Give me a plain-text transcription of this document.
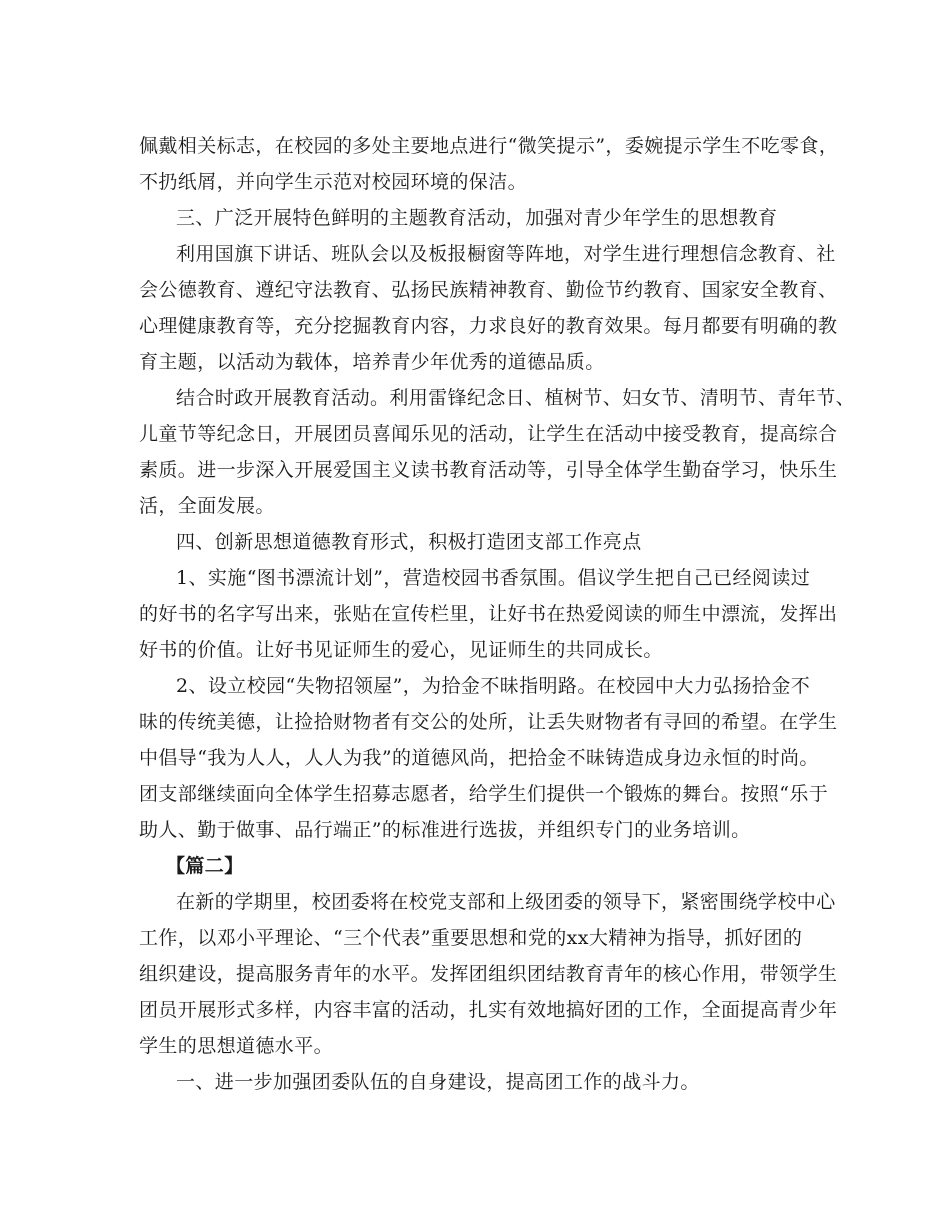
佩戴相关标志，在校园的多处主要地点进行“微笑提示”，委婉提示学生不吃零食，
不扔纸屑，并向学生示范对校园环境的保洁。
三、广泛开展特色鲜明的主题教育活动，加强对青少年学生的思想教育
利用国旗下讲话、班队会以及板报橱窗等阵地，对学生进行理想信念教育、社
会公德教育、遵纪守法教育、弘扬民族精神教育、勤俭节约教育、国家安全教育、
心理健康教育等，充分挖掘教育内容，力求良好的教育效果。每月都要有明确的教
育主题，以活动为载体，培养青少年优秀的道德品质。
结合时政开展教育活动。利用雷锋纪念日、植树节、妇女节、清明节、青年节、
儿童节等纪念日，开展团员喜闻乐见的活动，让学生在活动中接受教育，提高综合
素质。进一步深入开展爱国主义读书教育活动等，引导全体学生勤奋学习，快乐生
活，全面发展。
四、创新思想道德教育形式，积极打造团支部工作亮点
1、实施“图书漂流计划”，营造校园书香氛围。倡议学生把自己已经阅读过
的好书的名字写出来，张贴在宣传栏里，让好书在热爱阅读的师生中漂流，发挥出
好书的价值。让好书见证师生的爱心，见证师生的共同成长。
2、设立校园“失物招领屋”，为拾金不昧指明路。在校园中大力弘扬拾金不
昧的传统美德，让捡拾财物者有交公的处所，让丢失财物者有寻回的希望。在学生
中倡导“我为人人，人人为我”的道德风尚，把拾金不昧铸造成身边永恒的时尚。
团支部继续面向全体学生招募志愿者，给学生们提供一个锻炼的舞台。按照“乐于
助人、勤于做事、品行端正”的标准进行选拔，并组织专门的业务培训。
【篇二】
在新的学期里，校团委将在校党支部和上级团委的领导下，紧密围绕学校中心
工作，以邓小平理论、“三个代表”重要思想和党的xx大精神为指导，抓好团的
组织建设，提高服务青年的水平。发挥团组织团结教育青年的核心作用，带领学生
团员开展形式多样，内容丰富的活动，扎实有效地搞好团的工作，全面提高青少年
学生的思想道德水平。
一、进一步加强团委队伍的自身建设，提高团工作的战斗力。
